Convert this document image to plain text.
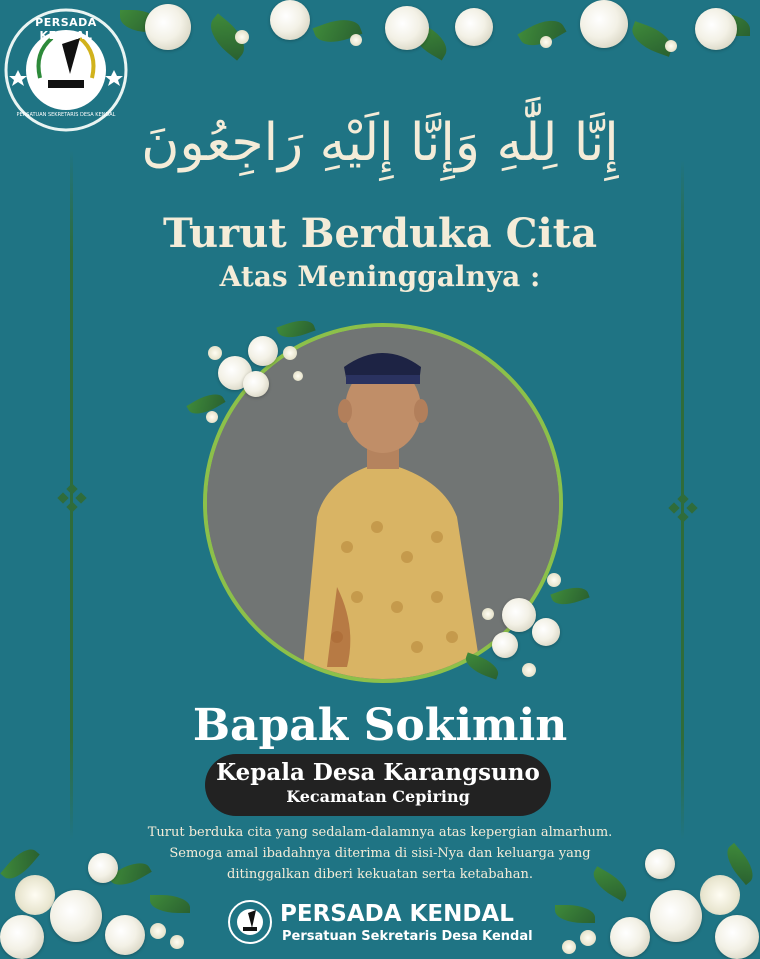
PERSADA KENDAL
PERSATUAN SEKRETARIS DESA KENDAL إِنَّا لِلَّٰهِ وَإِنَّا إِلَيْهِ رَاجِعُونَ
Turut Berduka Cita
Atas Meninggalnya :
Bapak Sokimin
Kepala Desa Karangsuno
Kecamatan Cepiring
Turut berduka cita yang sedalam-dalamnya atas kepergian almarhum.
Semoga amal ibadahnya diterima di sisi-Nya dan keluarga yang
ditinggalkan diberi kekuatan serta ketabahan.
PERSADA KENDAL
Persatuan Sekretaris Desa Kendal
